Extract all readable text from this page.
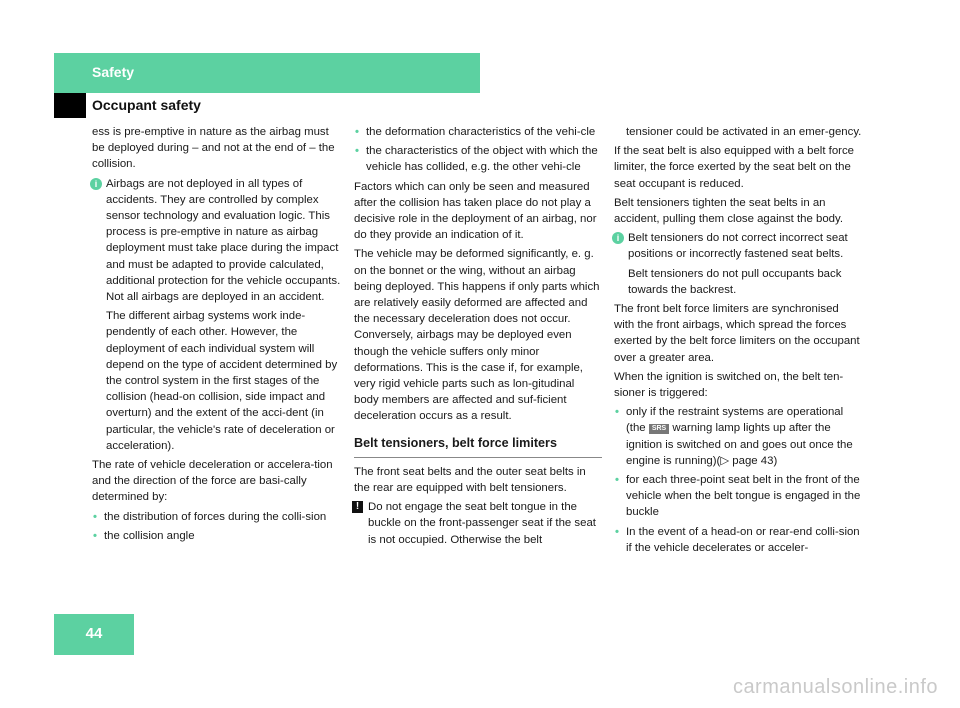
Safety
Occupant safety

ess is pre-emptive in nature as the airbag must be deployed during – and not at the end of – the collision.

i Airbags are not deployed in all types of accidents. They are controlled by complex sensor technology and evaluation logic. This process is pre-emptive in nature as airbag deployment must take place during the impact and must be adapted to provide calculated, additional protection for the vehicle occupants. Not all airbags are deployed in an accident.
The different airbag systems work inde-pendently of each other. However, the deployment of each individual system will depend on the type of accident determined by the control system in the first stages of the collision (head-on collision, side impact and overturn) and the extent of the acci-dent (in particular, the vehicle's rate of deceleration or acceleration).

The rate of vehicle deceleration or accelera-tion and the direction of the force are basi-cally determined by:

• the distribution of forces during the colli-sion
• the collision angle
• the deformation characteristics of the vehi-cle
• the characteristics of the object with which the vehicle has collided, e.g. the other vehi-cle

Factors which can only be seen and measured after the collision has taken place do not play a decisive role in the deployment of an airbag, nor do they provide an indication of it.

The vehicle may be deformed significantly, e. g. on the bonnet or the wing, without an airbag being deployed. This happens if only parts which are relatively easily deformed are affected and the necessary deceleration does not occur. Conversely, airbags may be deployed even though the vehicle suffers only minor deformations. This is the case if, for example, very rigid vehicle parts such as lon-gitudinal body members are affected and suf-ficient deceleration occurs as a result.

Belt tensioners, belt force limiters

The front seat belts and the outer seat belts in the rear are equipped with belt tensioners.

! Do not engage the seat belt tongue in the buckle on the front-passenger seat if the seat is not occupied. Otherwise the belt

tensioner could be activated in an emer-gency.

If the seat belt is also equipped with a belt force limiter, the force exerted by the seat belt on the seat occupant is reduced.

Belt tensioners tighten the seat belts in an accident, pulling them close against the body.

i Belt tensioners do not correct incorrect seat positions or incorrectly fastened seat belts.
Belt tensioners do not pull occupants back towards the backrest.

The front belt force limiters are synchronised with the front airbags, which spread the forces exerted by the belt force limiters on the occupant over a greater area.

When the ignition is switched on, the belt ten-sioner is triggered:

• only if the restraint systems are operational (the SRS warning lamp lights up after the ignition is switched on and goes out once the engine is running)(▷ page 43)
• for each three-point seat belt in the front of the vehicle when the belt tongue is engaged in the buckle
• In the event of a head-on or rear-end colli-sion if the vehicle decelerates or acceler-
44
carmanualsonline.info
